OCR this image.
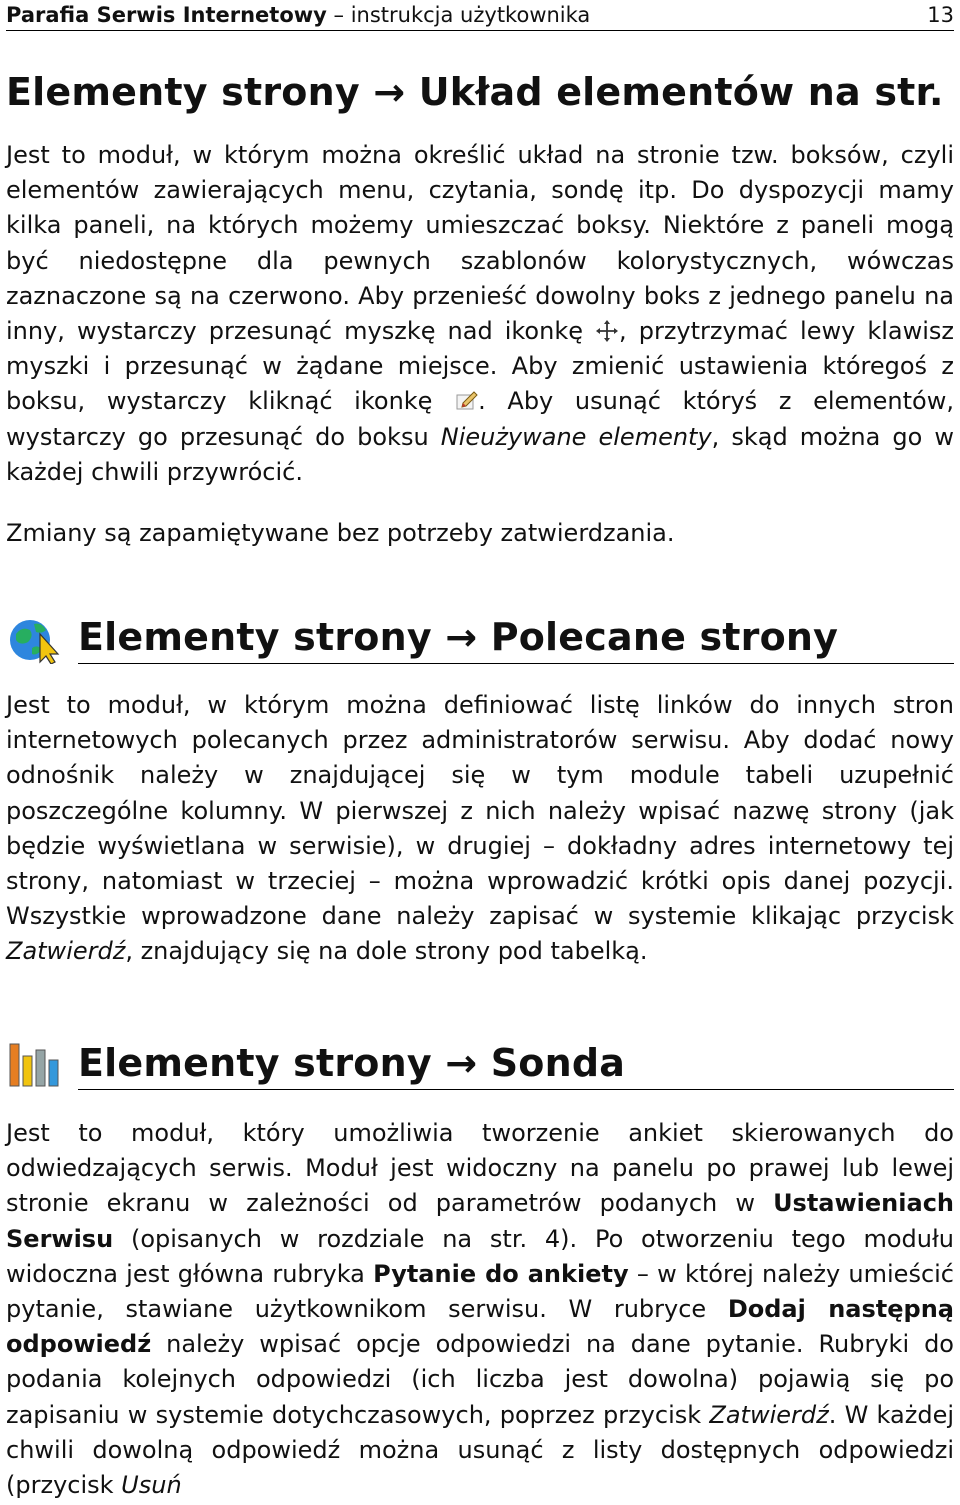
Parafia Serwis Internetowy – instrukcja użytkownika	13
Elementy strony → Układ elementów na str.

Jest to moduł, w którym można określić układ na stronie tzw. boksów, czyli elementów zawierających menu, czytania, sondę itp. Do dyspozycji mamy kilka paneli, na których możemy umieszczać boksy. Niektóre z paneli mogą być niedostępne dla pewnych szablonów kolorystycznych, wówczas zaznaczone są na czerwono. Aby przenieść dowolny boks z jednego panelu na inny, wystarczy przesunąć myszkę nad ikonkę , przytrzymać lewy klawisz myszki i przesunąć w żądane miejsce. Aby zmienić ustawienia któregoś z boksu, wystarczy kliknąć ikonkę . Aby usunąć któryś z elementów, wystarczy go przesunąć do boksu Nieużywane elementy, skąd można go w każdej chwili przywrócić.

Zmiany są zapamiętywane bez potrzeby zatwierdzania.

Elementy strony → Polecane strony

Jest to moduł, w którym można definiować listę linków do innych stron internetowych polecanych przez administratorów serwisu. Aby dodać nowy odnośnik należy w znajdującej się w tym module tabeli uzupełnić poszczególne kolumny. W pierwszej z nich należy wpisać nazwę strony (jak będzie wyświetlana w serwisie), w drugiej – dokładny adres internetowy tej strony, natomiast w trzeciej – można wprowadzić krótki opis danej pozycji. Wszystkie wprowadzone dane należy zapisać w systemie klikając przycisk Zatwierdź, znajdujący się na dole strony pod tabelką.

Elementy strony → Sonda

Jest to moduł, który umożliwia tworzenie ankiet skierowanych do odwiedzających serwis. Moduł jest widoczny na panelu po prawej lub lewej stronie ekranu w zależności od parametrów podanych w Ustawieniach Serwisu (opisanych w rozdziale na str. 4). Po otworzeniu tego modułu widoczna jest główna rubryka Pytanie do ankiety – w której należy umieścić pytanie, stawiane użytkownikom serwisu. W rubryce Dodaj następną odpowiedź należy wpisać opcje odpowiedzi na dane pytanie. Rubryki do podania kolejnych odpowiedzi (ich liczba jest dowolna) pojawią się po zapisaniu w systemie dotychczasowych, poprzez przycisk Zatwierdź. W każdej chwili dowolną odpowiedź można usunąć z listy dostępnych odpowiedzi (przycisk Usuń
